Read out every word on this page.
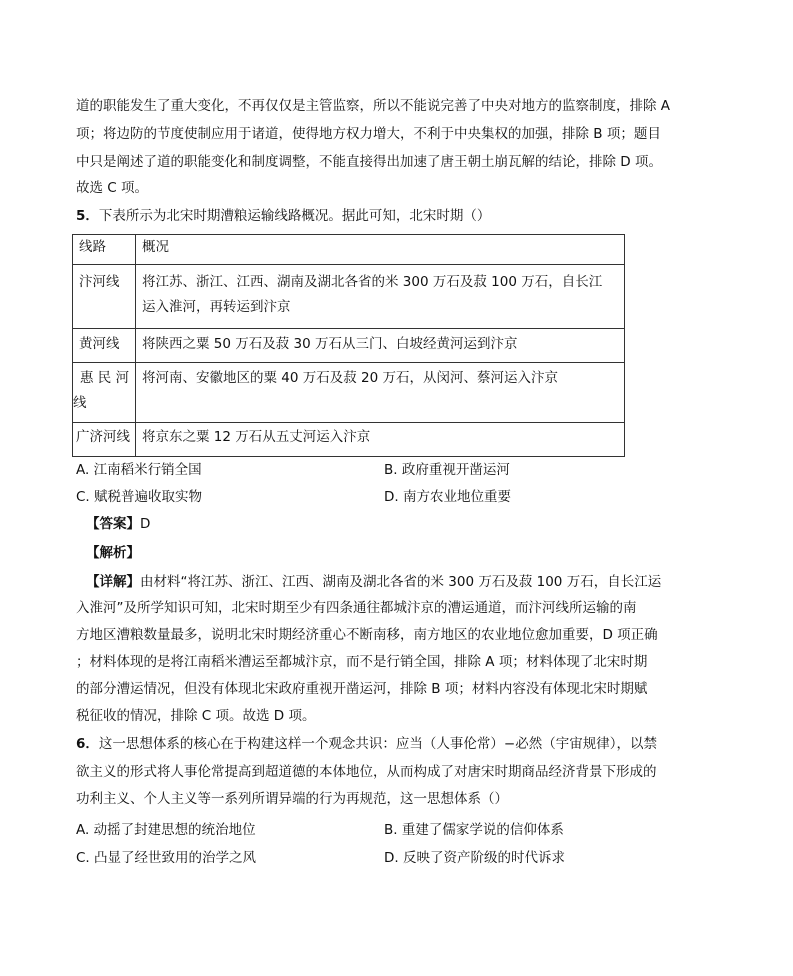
道的职能发生了重大变化，不再仅仅是主管监察，所以不能说完善了中央对地方的监察制度，排除 A
项；将边防的节度使制应用于诸道，使得地方权力增大，不利于中央集权的加强，排除 B 项；题目
中只是阐述了道的职能变化和制度调整，不能直接得出加速了唐王朝土崩瓦解的结论，排除 D 项。
故选 C 项。
5．下表所示为北宋时期漕粮运输线路概况。据此可知，北宋时期（）
线路	概况
汴河线	将江苏、浙江、江西、湖南及湖北各省的米 300 万石及菽 100 万石，自长江
运入淮河，再转运到汴京

黄河线	将陕西之粟 50 万石及菽 30 万石从三门、白坡经黄河运到汴京

惠 民 河
线	将河南、安徽地区的粟 40 万石及菽 20 万石，从闵河、蔡河运入汴京
广济河线	将京东之粟 12 万石从五丈河运入汴京
A. 江南稻米行销全国	B. 政府重视开凿运河
C. 赋税普遍收取实物	D. 南方农业地位重要
【答案】D
【解析】
【详解】由材料“将江苏、浙江、江西、湖南及湖北各省的米 300 万石及菽 100 万石，自长江运
入淮河”及所学知识可知，北宋时期至少有四条通往都城汴京的漕运通道，而汴河线所运输的南
方地区漕粮数量最多，说明北宋时期经济重心不断南移，南方地区的农业地位愈加重要，D 项正确
；材料体现的是将江南稻米漕运至都城汴京，而不是行销全国，排除 A 项；材料体现了北宋时期
的部分漕运情况，但没有体现北宋政府重视开凿运河，排除 B 项；材料内容没有体现北宋时期赋
税征收的情况，排除 C 项。故选 D 项。
6．这一思想体系的核心在于构建这样一个观念共识：应当（人事伦常）−必然（宇宙规律），以禁
欲主义的形式将人事伦常提高到超道德的本体地位，从而构成了对唐宋时期商品经济背景下形成的
功利主义、个人主义等一系列所谓异端的行为再规范，这一思想体系（）
A. 动摇了封建思想的统治地位	B. 重建了儒家学说的信仰体系
C. 凸显了经世致用的治学之风	D. 反映了资产阶级的时代诉求
